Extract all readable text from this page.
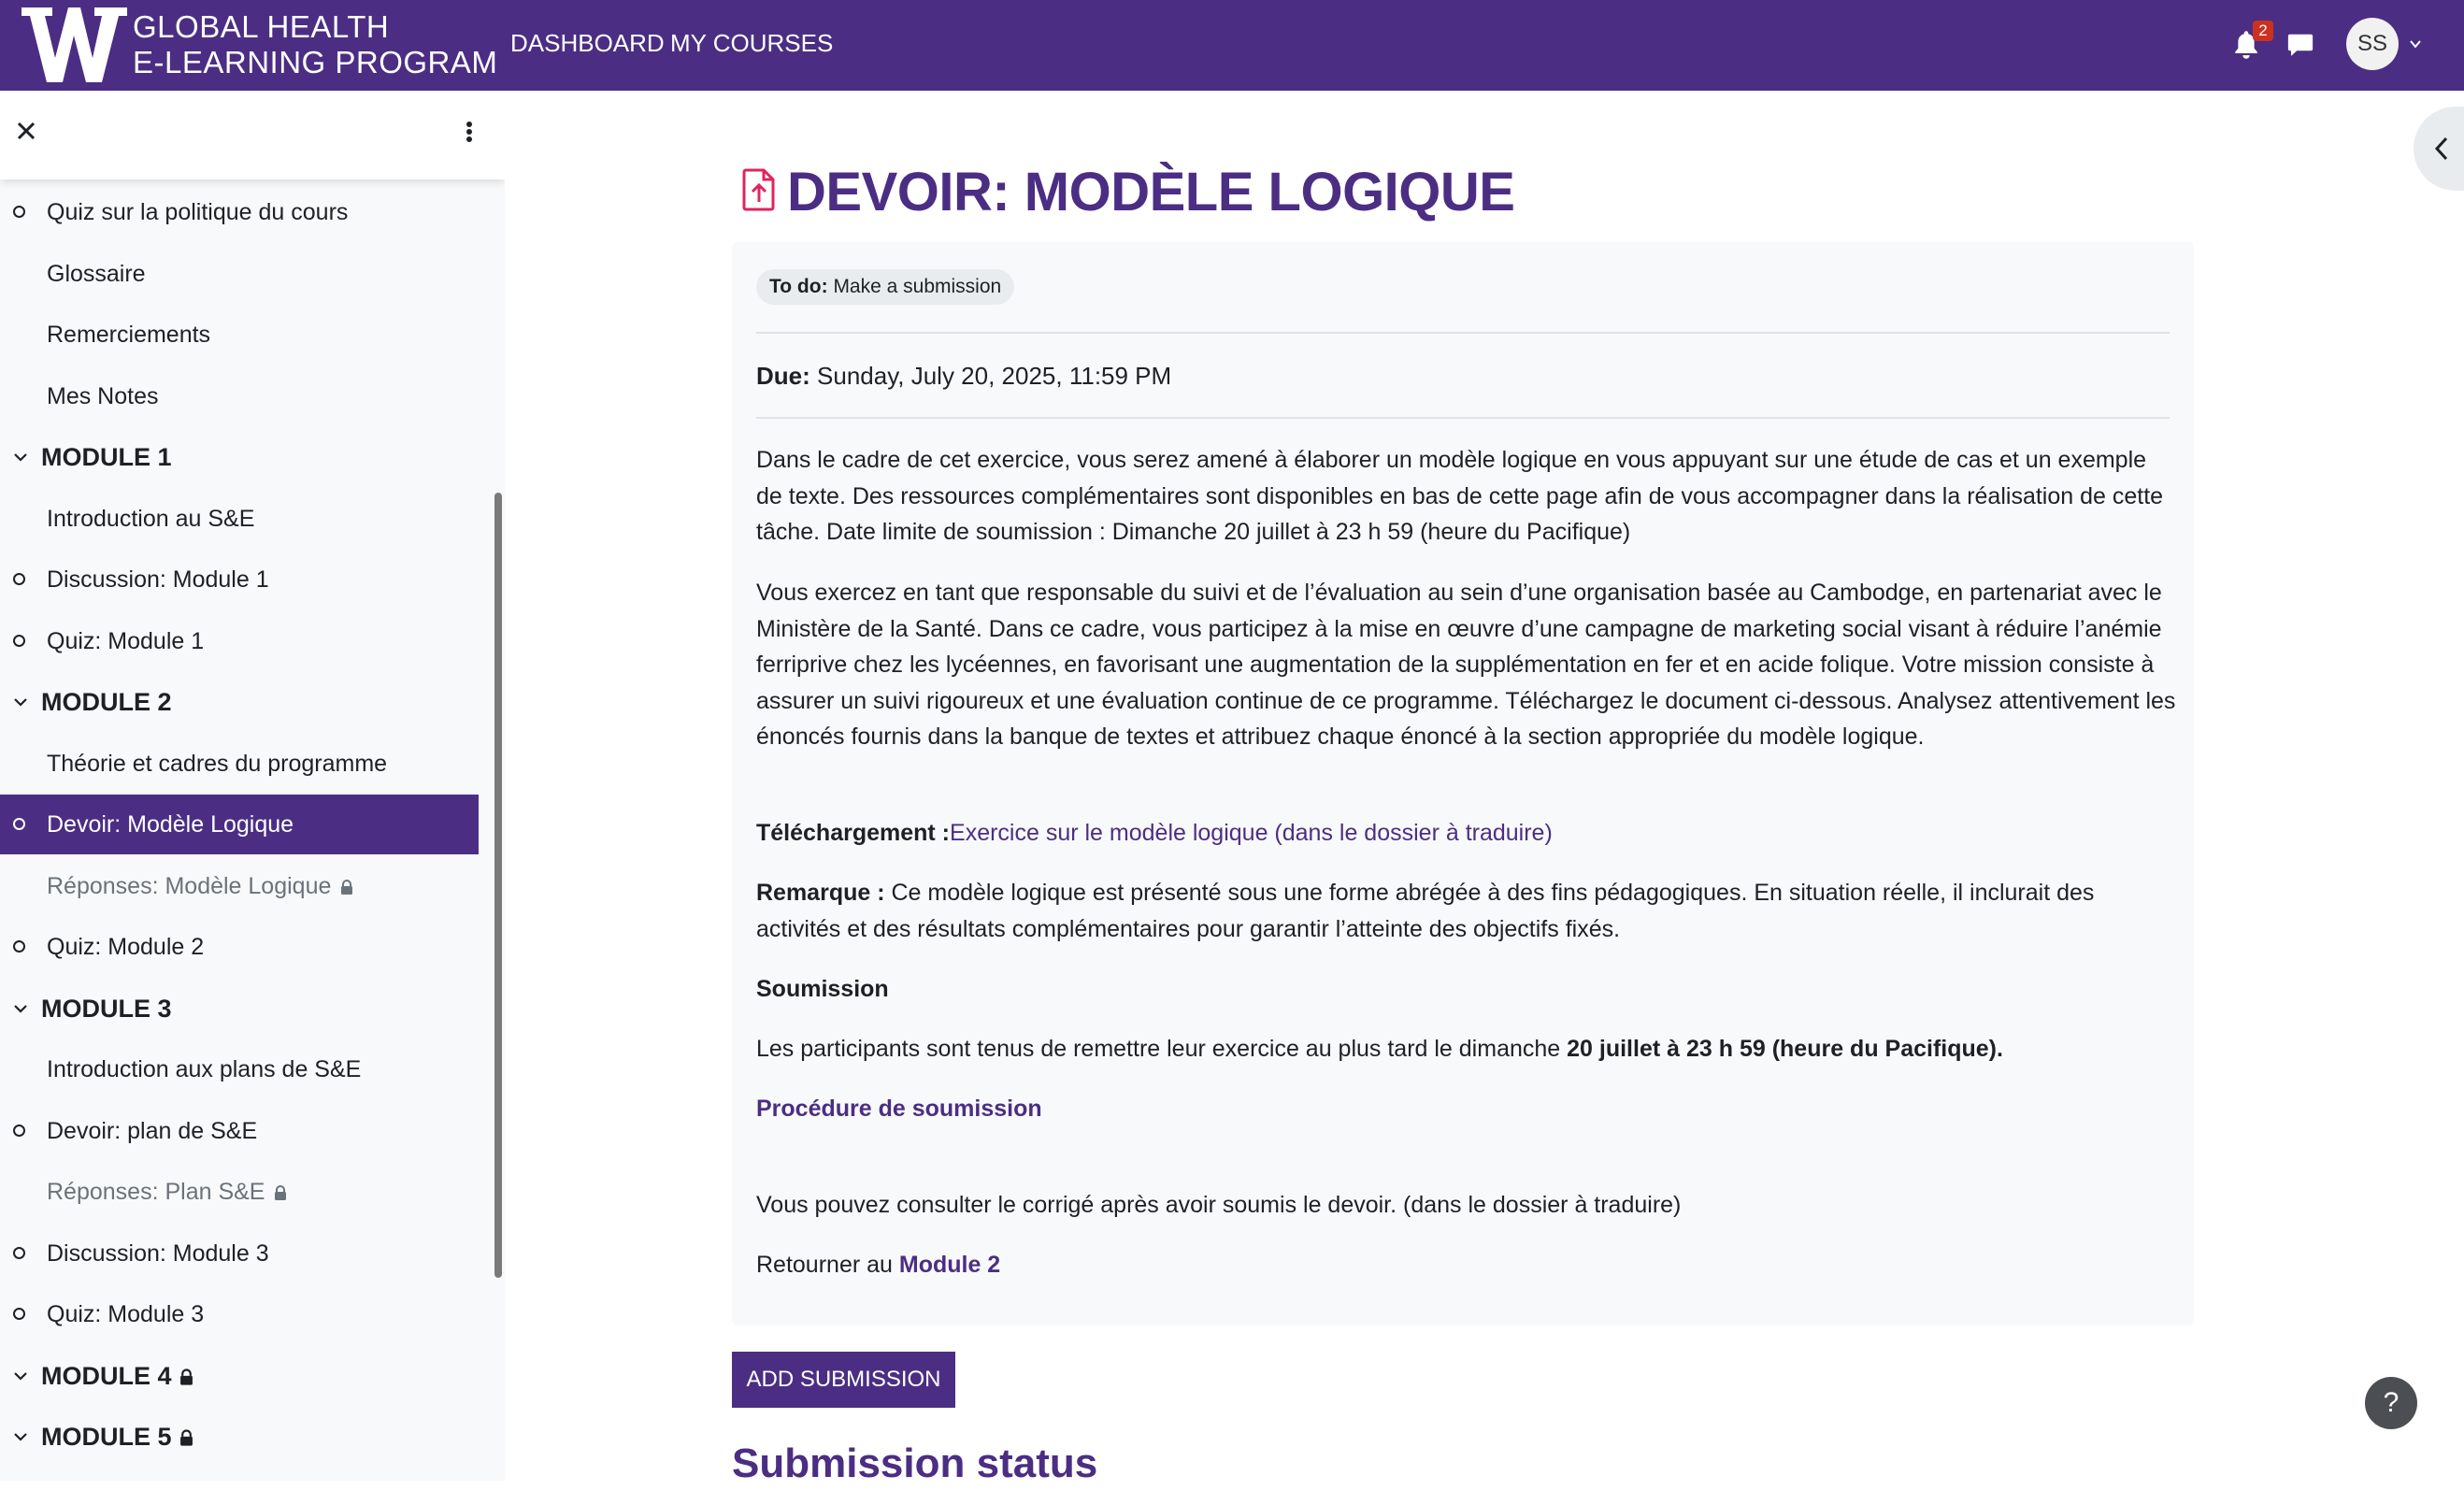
GLOBAL HEALTH
E-LEARNING PROGRAM
DASHBOARD MY COURSES	2
SS
Quiz sur la politique du cours
Glossaire
Remerciements
Mes Notes
MODULE 1
Introduction au S&E
Discussion: Module 1
Quiz: Module 1
MODULE 2
Théorie et cadres du programme
Devoir: Modèle Logique
Réponses: Modèle Logique
Quiz: Module 2
MODULE 3
Introduction aux plans de S&E
Devoir: plan de S&E
Réponses: Plan S&E
Discussion: Module 3
Quiz: Module 3
MODULE 4
MODULE 5
DEVOIR: MODÈLE LOGIQUE
To do: Make a submission
Due: Sunday, July 20, 2025, 11:59 PM

Dans le cadre de cet exercice, vous serez amené à élaborer un modèle logique en vous appuyant sur une étude de cas et un exemple de texte. Des ressources complémentaires sont disponibles en bas de cette page afin de vous accompagner dans la réalisation de cette tâche. Date limite de soumission : Dimanche 20 juillet à 23 h 59 (heure du Pacifique)

Vous exercez en tant que responsable du suivi et de l’évaluation au sein d’une organisation basée au Cambodge, en partenariat avec le Ministère de la Santé. Dans ce cadre, vous participez à la mise en œuvre d’une campagne de marketing social visant à réduire l’anémie ferriprive chez les lycéennes, en favorisant une augmentation de la supplémentation en fer et en acide folique. Votre mission consiste à assurer un suivi rigoureux et une évaluation continue de ce programme. Téléchargez le document ci-dessous. Analysez attentivement les énoncés fournis dans la banque de textes et attribuez chaque énoncé à la section appropriée du modèle logique.

Téléchargement :Exercice sur le modèle logique (dans le dossier à traduire)

Remarque : Ce modèle logique est présenté sous une forme abrégée à des fins pédagogiques. En situation réelle, il inclurait des activités et des résultats complémentaires pour garantir l’atteinte des objectifs fixés.

Soumission

Les participants sont tenus de remettre leur exercice au plus tard le dimanche 20 juillet à 23 h 59 (heure du Pacifique).

Procédure de soumission

Vous pouvez consulter le corrigé après avoir soumis le devoir. (dans le dossier à traduire)

Retourner au Module 2

ADD SUBMISSION
Submission status
?
